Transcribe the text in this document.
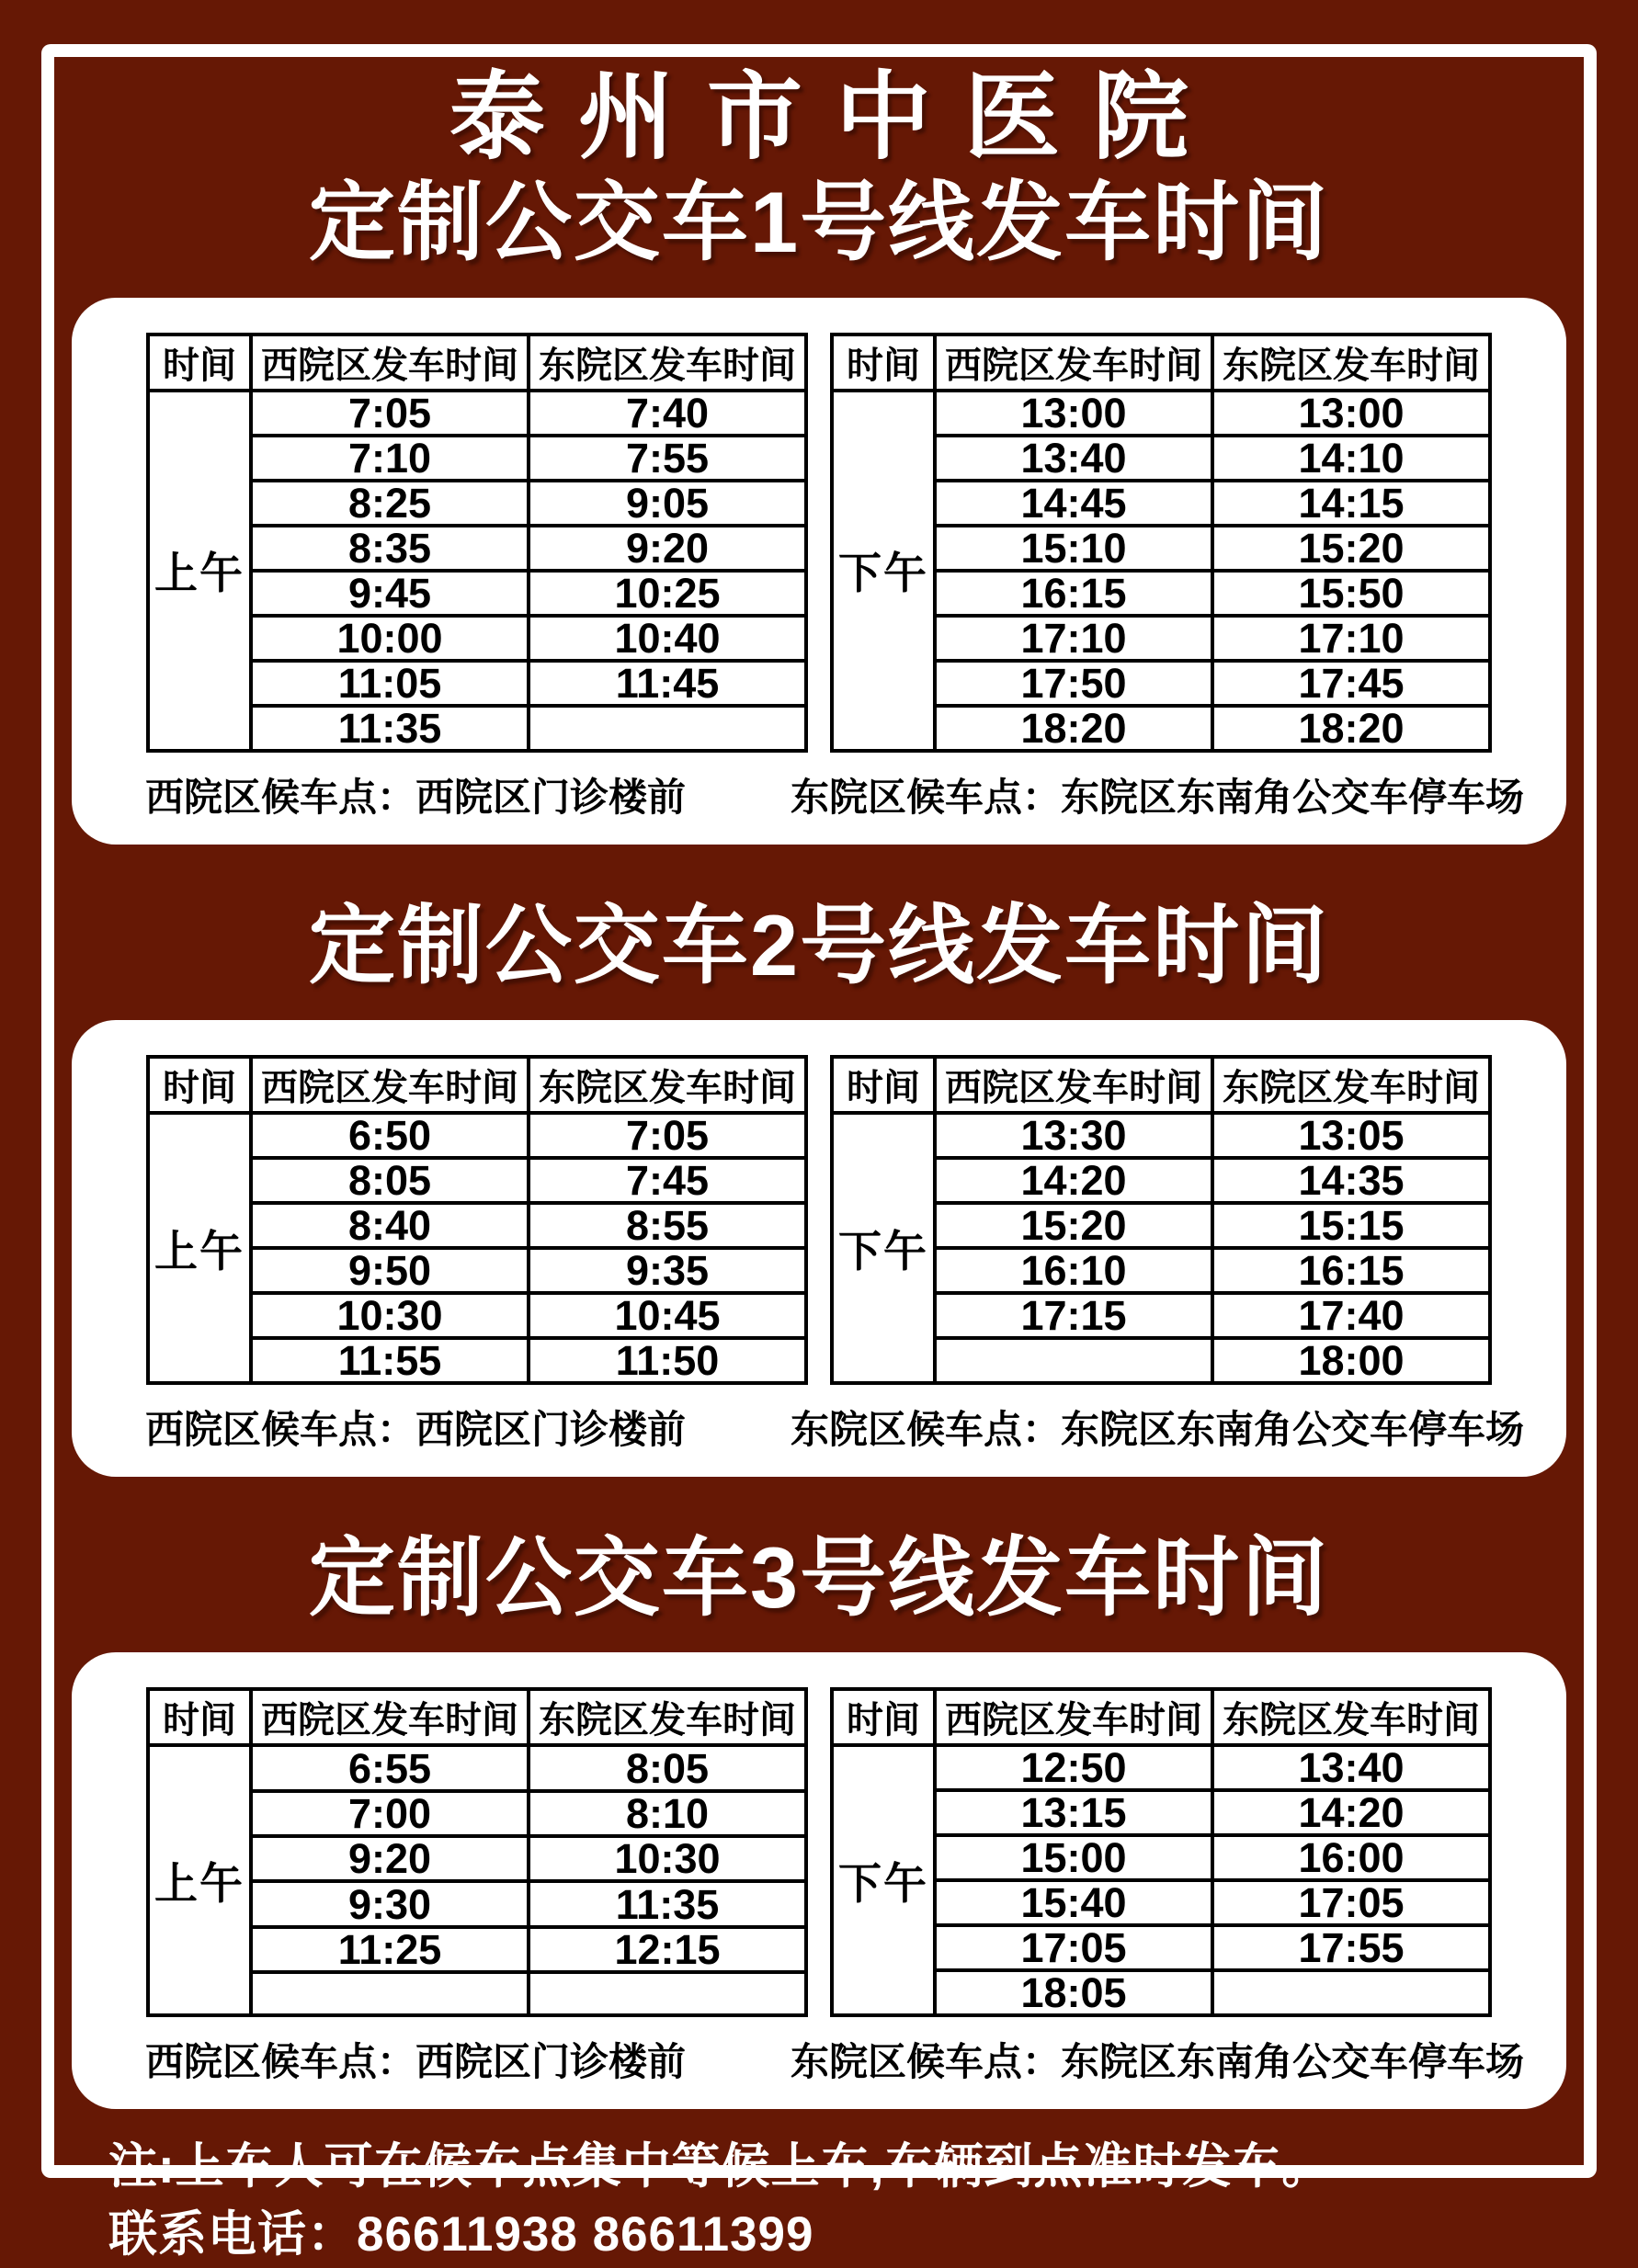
泰州市中医院
定制公交车1号线发车时间
时间	西院区发车时间	东院区发车时间
上午	7:05	7:40
	7:10	7:55
	8:25	9:05
	8:35	9:20
	9:45	10:25
	10:00	10:40
	11:05	11:45
	11:35	
时间	西院区发车时间	东院区发车时间
下午	13:00	13:00
	13:40	14:10
	14:45	14:15
	15:10	15:20
	16:15	15:50
	17:10	17:10
	17:50	17:45
	18:20	18:20
西院区候车点：西院区门诊楼前	东院区候车点：东院区东南角公交车停车场
定制公交车2号线发车时间
时间	西院区发车时间	东院区发车时间
上午	6:50	7:05
	8:05	7:45
	8:40	8:55
	9:50	9:35
	10:30	10:45
	11:55	11:50
时间	西院区发车时间	东院区发车时间
下午	13:30	13:05
	14:20	14:35
	15:20	15:15
	16:10	16:15
	17:15	17:40
		18:00
西院区候车点：西院区门诊楼前	东院区候车点：东院区东南角公交车停车场
定制公交车3号线发车时间
时间	西院区发车时间	东院区发车时间
上午	6:55	8:05
	7:00	8:10
	9:20	10:30
	9:30	11:35
	11:25	12:15

时间	西院区发车时间	东院区发车时间
下午	12:50	13:40
	13:15	14:20
	15:00	16:00
	15:40	17:05
	17:05	17:55
	18:05	
西院区候车点：西院区门诊楼前	东院区候车点：东院区东南角公交车停车场
注:上车人可在候车点集中等候上车,车辆到点准时发车。
联系电话：86611938 86611399
